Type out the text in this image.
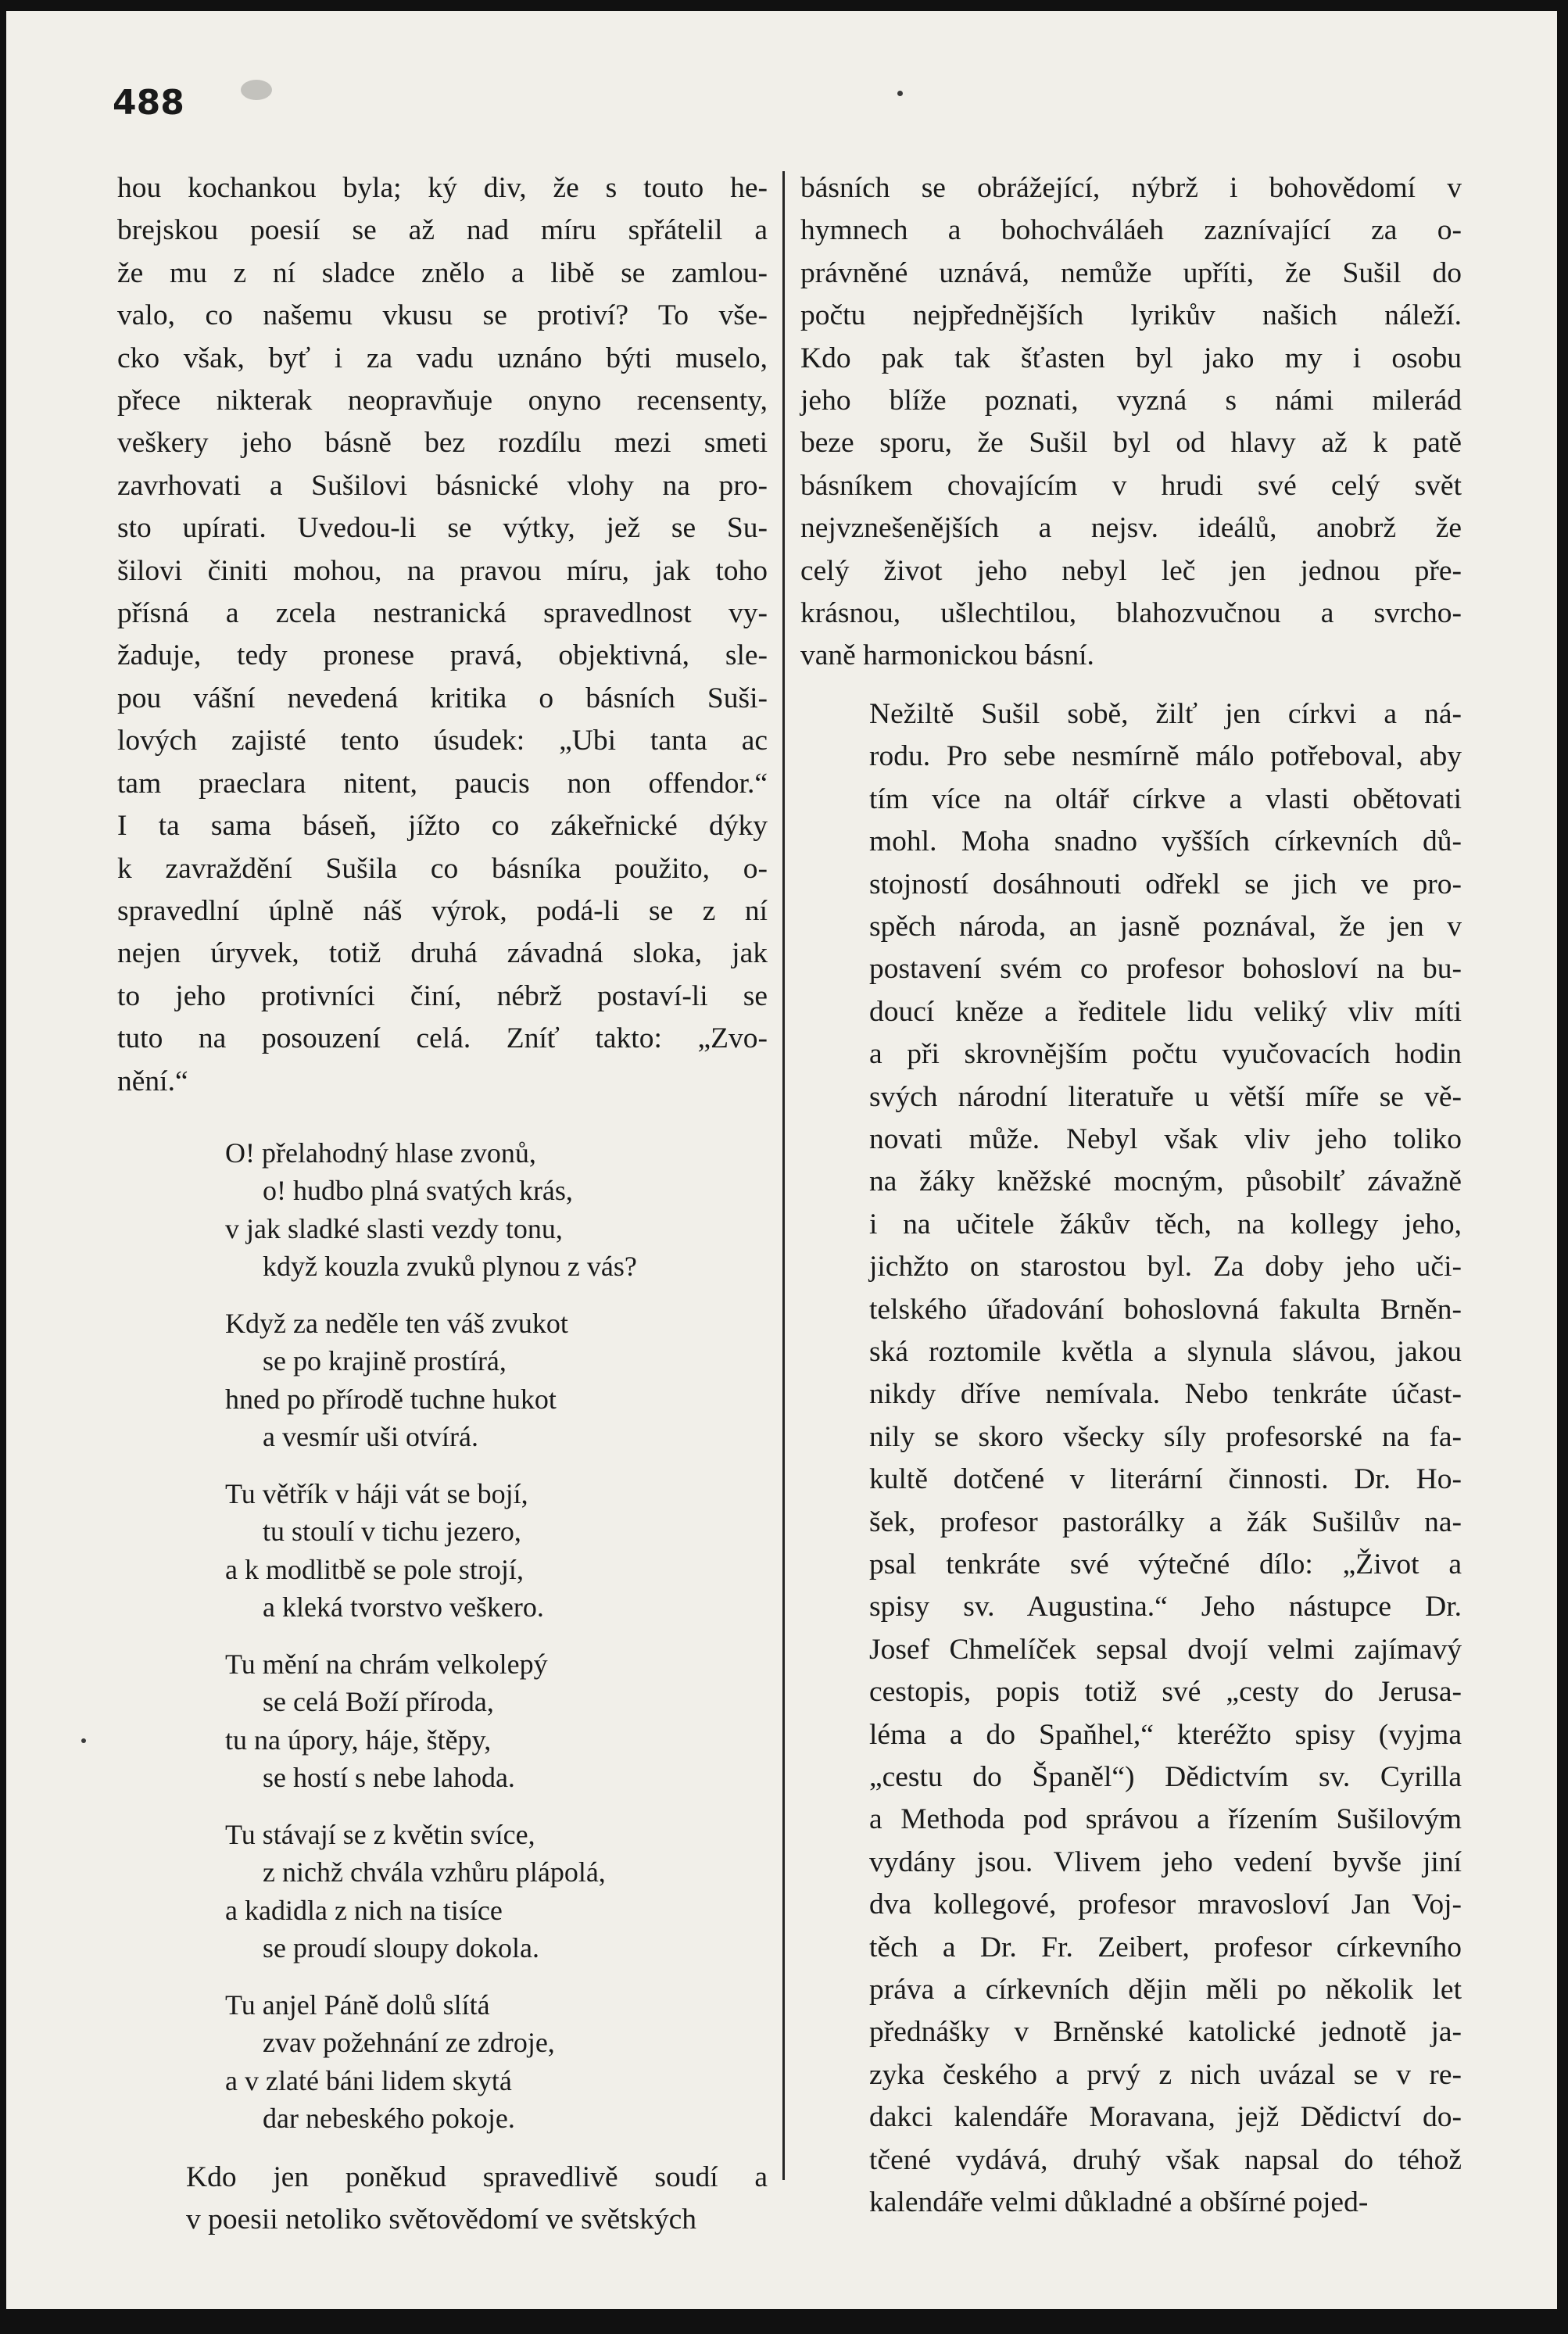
488
hou kochankou byla; ký div, že s touto he-
brejskou poesií se až nad míru spřátelil a
že mu z ní sladce znělo a libě se zamlou-
valo, co našemu vkusu se protiví? To vše-
cko však, byť i za vadu uznáno býti muselo,
přece nikterak neopravňuje onyno recensenty,
veškery jeho básně bez rozdílu mezi smeti
zavrhovati a Sušilovi básnické vlohy na pro-
sto upírati. Uvedou-li se výtky, jež se Su-
šilovi činiti mohou, na pravou míru, jak toho
přísná a zcela nestranická spravedlnost vy-
žaduje, tedy pronese pravá, objektivná, sle-
pou vášní nevedená kritika o básních Suši-
lových zajisté tento úsudek: „Ubi tanta ac
tam praeclara nitent, paucis non offendor.“
I ta sama báseň, jížto co zákeřnické dýky
k zavraždění Sušila co básníka použito, o-
spravedlní úplně náš výrok, podá-li se z ní
nejen úryvek, totiž druhá závadná sloka, jak
to jeho protivníci činí, nébrž postaví-li se
tuto na posouzení celá. Zníť takto: „Zvo-
nění.“
O! přelahodný hlase zvonů,
o! hudbo plná svatých krás,
v jak sladké slasti vezdy tonu,
když kouzla zvuků plynou z vás?
Když za neděle ten váš zvukot
se po krajině prostírá,
hned po přírodě tuchne hukot
a vesmír uši otvírá.
Tu větřík v háji vát se bojí,
tu stoulí v tichu jezero,
a k modlitbě se pole strojí,
a kleká tvorstvo veškero.
Tu mění na chrám velkolepý
se celá Boží příroda,
tu na úpory, háje, štěpy,
se hostí s nebe lahoda.
Tu stávají se z květin svíce,
z nichž chvála vzhůru plápolá,
a kadidla z nich na tisíce
se proudí sloupy dokola.
Tu anjel Páně dolů slítá
zvav požehnání ze zdroje,
a v zlaté báni lidem skytá
dar nebeského pokoje.
Kdo jen poněkud spravedlivě soudí a
v poesii netoliko světovědomí ve světských
básních se obrážející, nýbrž i bohovědomí v
hymnech a bohochváláeh zaznívající za o-
právněné uznává, nemůže upříti, že Sušil do
počtu nejpřednějších lyrikův našich náleží.
Kdo pak tak šťasten byl jako my i osobu
jeho blíže poznati, vyzná s námi milerád
beze sporu, že Sušil byl od hlavy až k patě
básníkem chovajícím v hrudi své celý svět
nejvznešenějších a nejsv. ideálů, anobrž že
celý život jeho nebyl leč jen jednou pře-
krásnou, ušlechtilou, blahozvučnou a svrcho-
vaně harmonickou básní.
Nežiltě Sušil sobě, žilť jen církvi a ná-
rodu. Pro sebe nesmírně málo potřeboval, aby
tím více na oltář církve a vlasti obětovati
mohl. Moha snadno vyšších církevních dů-
stojností dosáhnouti odřekl se jich ve pro-
spěch národa, an jasně poznával, že jen v
postavení svém co profesor bohosloví na bu-
doucí kněze a ředitele lidu veliký vliv míti
a při skrovnějším počtu vyučovacích hodin
svých národní literatuře u větší míře se vě-
novati může. Nebyl však vliv jeho toliko
na žáky kněžské mocným, působilť závažně
i na učitele žákův těch, na kollegy jeho,
jichžto on starostou byl. Za doby jeho uči-
telského úřadování bohoslovná fakulta Brněn-
ská roztomile květla a slynula slávou, jakou
nikdy dříve nemívala. Nebo tenkráte účast-
nily se skoro všecky síly profesorské na fa-
kultě dotčené v literární činnosti. Dr. Ho-
šek, profesor pastorálky a žák Sušilův na-
psal tenkráte své výtečné dílo: „Život a
spisy sv. Augustina.“ Jeho nástupce Dr.
Josef Chmelíček sepsal dvojí velmi zajímavý
cestopis, popis totiž své „cesty do Jerusa-
léma a do Spaňhel,“ kteréžto spisy (vyjma
„cestu do Španěl“) Dědictvím sv. Cyrilla
a Methoda pod správou a řízením Sušilovým
vydány jsou. Vlivem jeho vedení byvše jiní
dva kollegové, profesor mravosloví Jan Voj-
těch a Dr. Fr. Zeibert, profesor církevního
práva a církevních dějin měli po několik let
přednášky v Brněnské katolické jednotě ja-
zyka českého a prvý z nich uvázal se v re-
dakci kalendáře Moravana, jejž Dědictví do-
tčené vydává, druhý však napsal do téhož
kalendáře velmi důkladné a obšírné pojed-
